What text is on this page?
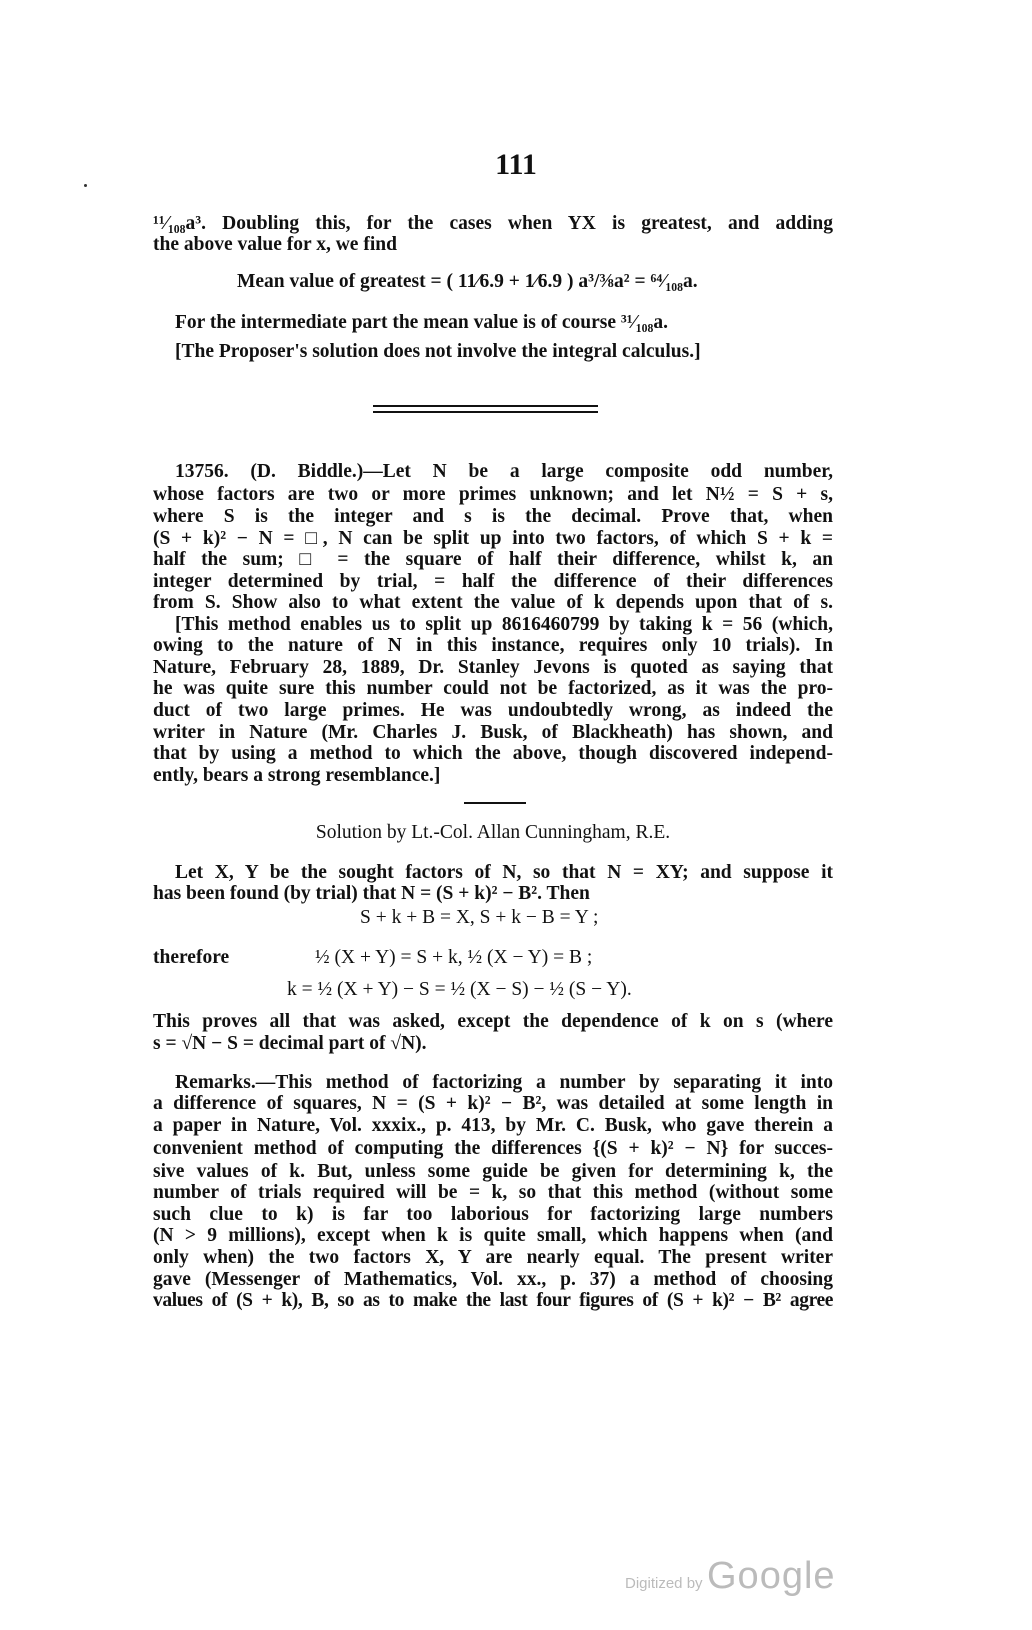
111
¹¹⁄₁₀₈a³. Doubling this, for the cases when YX is greatest, and adding
the above value for x, we find
Mean value of greatest = ( 11⁄6.9 + 1⁄6.9 ) a³/⅜a² = ⁶⁴⁄₁₀₈a.
For the intermediate part the mean value is of course ³¹⁄₁₀₈a.
[The Proposer's solution does not involve the integral calculus.]
13756. (D. Biddle.)—Let N be a large composite odd number,
whose factors are two or more primes unknown; and let N½ = S + s,
where S is the integer and s is the decimal. Prove that, when
(S + k)² − N = □, N can be split up into two factors, of which S + k =
half the sum; □ = the square of half their difference, whilst k, an
integer determined by trial, = half the difference of their differences
from S. Show also to what extent the value of k depends upon that of s.
[This method enables us to split up 8616460799 by taking k = 56 (which,
owing to the nature of N in this instance, requires only 10 trials). In
Nature, February 28, 1889, Dr. Stanley Jevons is quoted as saying that
he was quite sure this number could not be factorized, as it was the pro-
duct of two large primes. He was undoubtedly wrong, as indeed the
writer in Nature (Mr. Charles J. Busk, of Blackheath) has shown, and
that by using a method to which the above, though discovered independ-
ently, bears a strong resemblance.]
Solution by Lt.-Col. Allan Cunningham, R.E.
Let X, Y be the sought factors of N, so that N = XY; and suppose it
has been found (by trial) that N = (S + k)² − B². Then
S + k + B = X, S + k − B = Y ;
therefore	½ (X + Y) = S + k, ½ (X − Y) = B ;
k = ½ (X + Y) − S = ½ (X − S) − ½ (S − Y).
This proves all that was asked, except the dependence of k on s (where
s = √N − S = decimal part of √N).
Remarks.—This method of factorizing a number by separating it into
a difference of squares, N = (S + k)² − B², was detailed at some length in
a paper in Nature, Vol. xxxix., p. 413, by Mr. C. Busk, who gave therein a
convenient method of computing the differences {(S + k)² − N} for succes-
sive values of k. But, unless some guide be given for determining k, the
number of trials required will be = k, so that this method (without some
such clue to k) is far too laborious for factorizing large numbers
(N > 9 millions), except when k is quite small, which happens when (and
only when) the two factors X, Y are nearly equal. The present writer
gave (Messenger of Mathematics, Vol. xx., p. 37) a method of choosing
values of (S + k), B, so as to make the last four figures of (S + k)² − B² agree
Digitized by Google
